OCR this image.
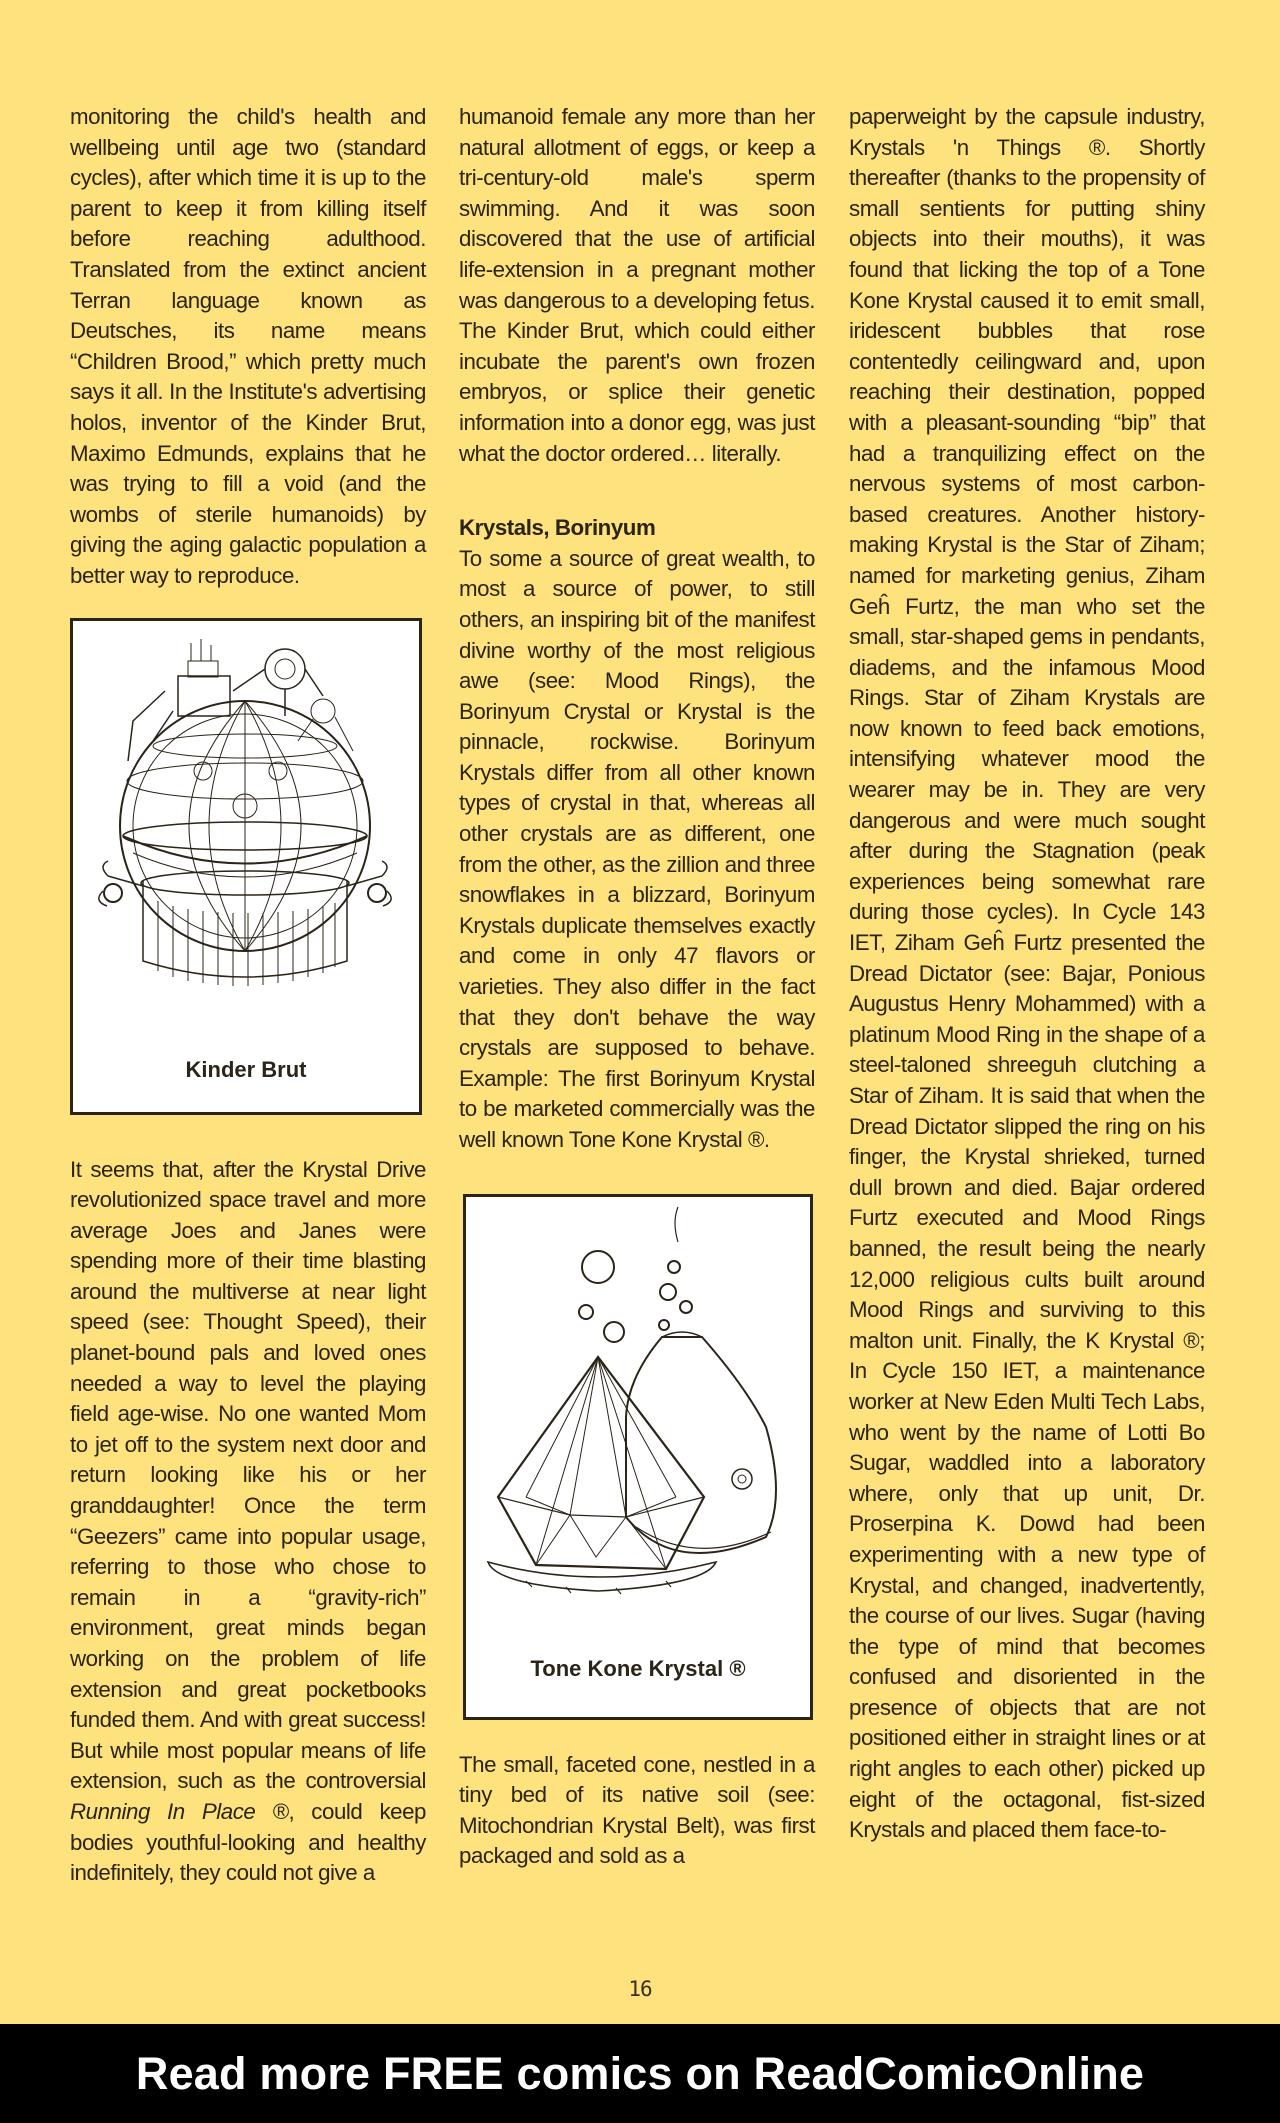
monitoring the child's health and wellbeing until age two (standard cycles), after which time it is up to the parent to keep it from killing itself before reaching adulthood. Translated from the extinct ancient Terran language known as Deutsches, its name means “Children Brood,” which pretty much says it all. In the Institute's advertising holos, inventor of the Kinder Brut, Maximo Edmunds, explains that he was trying to fill a void (and the wombs of sterile humanoids) by giving the aging galactic population a better way to reproduce.

Kinder Brut

It seems that, after the Krystal Drive revolutionized space travel and more average Joes and Janes were spending more of their time blasting around the multiverse at near light speed (see: Thought Speed), their planet-bound pals and loved ones needed a way to level the playing field age-wise. No one wanted Mom to jet off to the system next door and return looking like his or her granddaughter! Once the term “Geezers” came into popular usage, referring to those who chose to remain in a “gravity-rich” environment, great minds began working on the problem of life extension and great pocketbooks funded them. And with great success! But while most popular means of life extension, such as the controversial Running In Place ®, could keep bodies youthful-looking and healthy indefinitely, they could not give a

humanoid female any more than her natural allotment of eggs, or keep a tri-century-old male's sperm swimming. And it was soon discovered that the use of artificial life-extension in a pregnant mother was dangerous to a developing fetus. The Kinder Brut, which could either incubate the parent's own frozen embryos, or splice their genetic information into a donor egg, was just what the doctor ordered… literally.

Krystals, Borinyum

To some a source of great wealth, to most a source of power, to still others, an inspiring bit of the manifest divine worthy of the most religious awe (see: Mood Rings), the Borinyum Crystal or Krystal is the pinnacle, rockwise. Borinyum Krystals differ from all other known types of crystal in that, whereas all other crystals are as different, one from the other, as the zillion and three snowflakes in a blizzard, Borinyum Krystals duplicate themselves exactly and come in only 47 flavors or varieties. They also differ in the fact that they don't behave the way crystals are supposed to behave. Example: The first Borinyum Krystal to be marketed commercially was the well known Tone Kone Krystal ®.

Tone Kone Krystal ®

The small, faceted cone, nestled in a tiny bed of its native soil (see: Mitochondrian Krystal Belt), was first packaged and sold as a

paperweight by the capsule industry, Krystals 'n Things ®. Shortly thereafter (thanks to the propensity of small sentients for putting shiny objects into their mouths), it was found that licking the top of a Tone Kone Krystal caused it to emit small, iridescent bubbles that rose contentedly ceilingward and, upon reaching their destination, popped with a pleasant-sounding “bip” that had a tranquilizing effect on the nervous systems of most carbon-based creatures. Another history-making Krystal is the Star of Ziham; named for marketing genius, Ziham Geĥ Furtz, the man who set the small, star-shaped gems in pendants, diadems, and the infamous Mood Rings. Star of Ziham Krystals are now known to feed back emotions, intensifying whatever mood the wearer may be in. They are very dangerous and were much sought after during the Stagnation (peak experiences being somewhat rare during those cycles). In Cycle 143 IET, Ziham Geĥ Furtz presented the Dread Dictator (see: Bajar, Ponious Augustus Henry Mohammed) with a platinum Mood Ring in the shape of a steel-taloned shreeguh clutching a Star of Ziham. It is said that when the Dread Dictator slipped the ring on his finger, the Krystal shrieked, turned dull brown and died. Bajar ordered Furtz executed and Mood Rings banned, the result being the nearly 12,000 religious cults built around Mood Rings and surviving to this malton unit. Finally, the K Krystal ®; In Cycle 150 IET, a maintenance worker at New Eden Multi Tech Labs, who went by the name of Lotti Bo Sugar, waddled into a laboratory where, only that up unit, Dr. Proserpina K. Dowd had been experimenting with a new type of Krystal, and changed, inadvertently, the course of our lives. Sugar (having the type of mind that becomes confused and disoriented in the presence of objects that are not positioned either in straight lines or at right angles to each other) picked up eight of the octagonal, fist-sized Krystals and placed them face-to-

16
Read more FREE comics on ReadComicOnline
